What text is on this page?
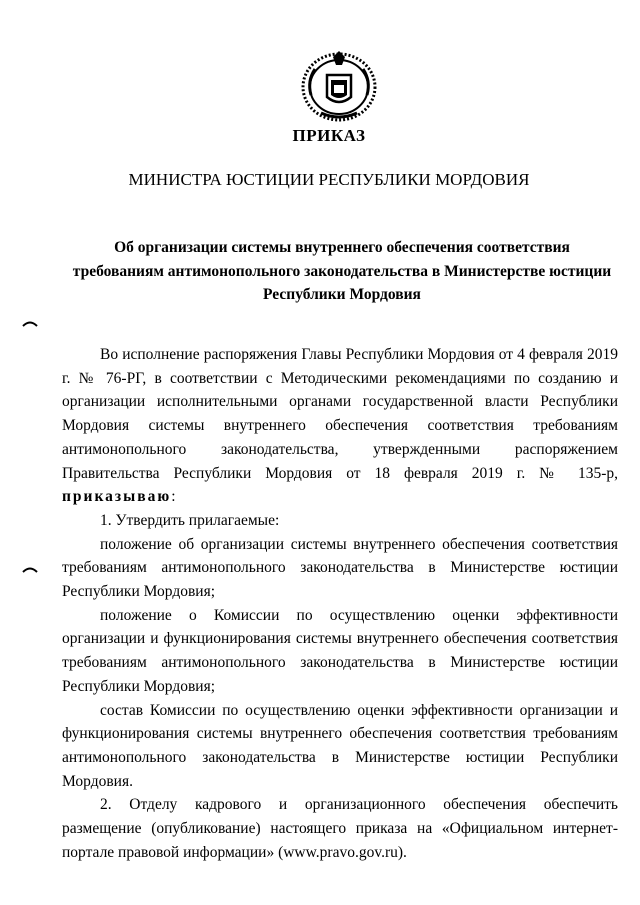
ПРИКАЗ
МИНИСТРА ЮСТИЦИИ РЕСПУБЛИКИ МОРДОВИЯ
Об организации системы внутреннего обеспечения соответствия
требованиям антимонопольного законодательства в Министерстве юстиции
Республики Мордовия

Во исполнение распоряжения Главы Республики Мордовия от 4 февраля 2019 г. № 76-РГ, в соответствии с Методическими рекомендациями по созданию и организации исполнительными органами государственной власти Республики Мордовия системы внутреннего обеспечения соответствия требованиям антимонопольного законодательства, утвержденными распоряжением Правительства Республики Мордовия от 18 февраля 2019 г. № 135-р, приказываю:

1. Утвердить прилагаемые:

положение об организации системы внутреннего обеспечения соответствия требованиям антимонопольного законодательства в Министерстве юстиции Республики Мордовия;

положение о Комиссии по осуществлению оценки эффективности организации и функционирования системы внутреннего обеспечения соответствия требованиям антимонопольного законодательства в Министерстве юстиции Республики Мордовия;

состав Комиссии по осуществлению оценки эффективности организации и функционирования системы внутреннего обеспечения соответствия требованиям антимонопольного законодательства в Министерстве юстиции Республики Мордовия.

2. Отделу кадрового и организационного обеспечения обеспечить размещение (опубликование) настоящего приказа на «Официальном интернет-портале правовой информации» (www.pravo.gov.ru).
